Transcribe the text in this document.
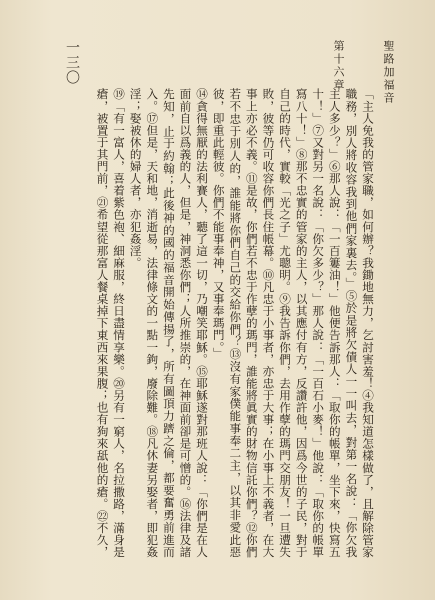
一三〇	第十六章	聖路加福音

「主人免我的管家職，如何辦？我鋤地無力，乞討害羞！④我知道怎樣做了，且解除管家職務，別人將收容我到他們家裏去。」⑤於是將欠債人一一叫去，對第一名說：「你欠我主人多少？」⑥那人說：「一百簍油！」他便告訴那人：「取你的帳單，坐下來，快寫五十！」⑦又對另一名說：「你欠多少？」那人說：「一百石小麥！」他說：「取你的帳單寫八十！」⑧那不忠實的管家的主人，以其應付有方，反讚許他，因爲今世的子民，對于自己的時代，實較「光之子」尤聰明。⑨我告訴你們，去用作孽的瑪門交朋友！一旦遭失敗，彼等仍可收容你們長住帳幕。⑩凡忠于小事者，亦忠于大事；在小事上不義者，在大事上亦必不義。⑪是故，你們若不忠于作孽的瑪門，誰能將眞實的財物信託你們？⑫你們若不忠于別人的，誰能將你們自己的交給你們？⑬沒有家僕能事奉二主，以其非愛此惡彼，即重此輕彼。你們不能事奉神，又事奉瑪門。」

⑭貪得無厭的法利賽人，聽了這一切，乃嘲笑耶穌。⑮耶穌遂對那班人說：「你們是在人面前自以爲義的人，但是，神洞悉你們；人所推崇的，在神面前卻是可憎的。⑯法律及諸先知，止于約翰；此後神的國的福音開始傳揚了，所有圖頂力躋之倫，都要奮勇前進而入。⑰但是，天和地，消逝易，法律條文的一點一鉤，廢除難。⑱凡休妻另娶者，即犯姦淫；娶被休的婦人者，亦犯姦淫。

⑲「有一富人，喜着紫色袍、細麻服，終日盡情享樂。⑳另有一窮人，名拉撒路，滿身是瘡，被置于其門前，㉑希望從那富人餐桌掉下東西來果腹；也有狗來舐他的瘡。㉒不久，
